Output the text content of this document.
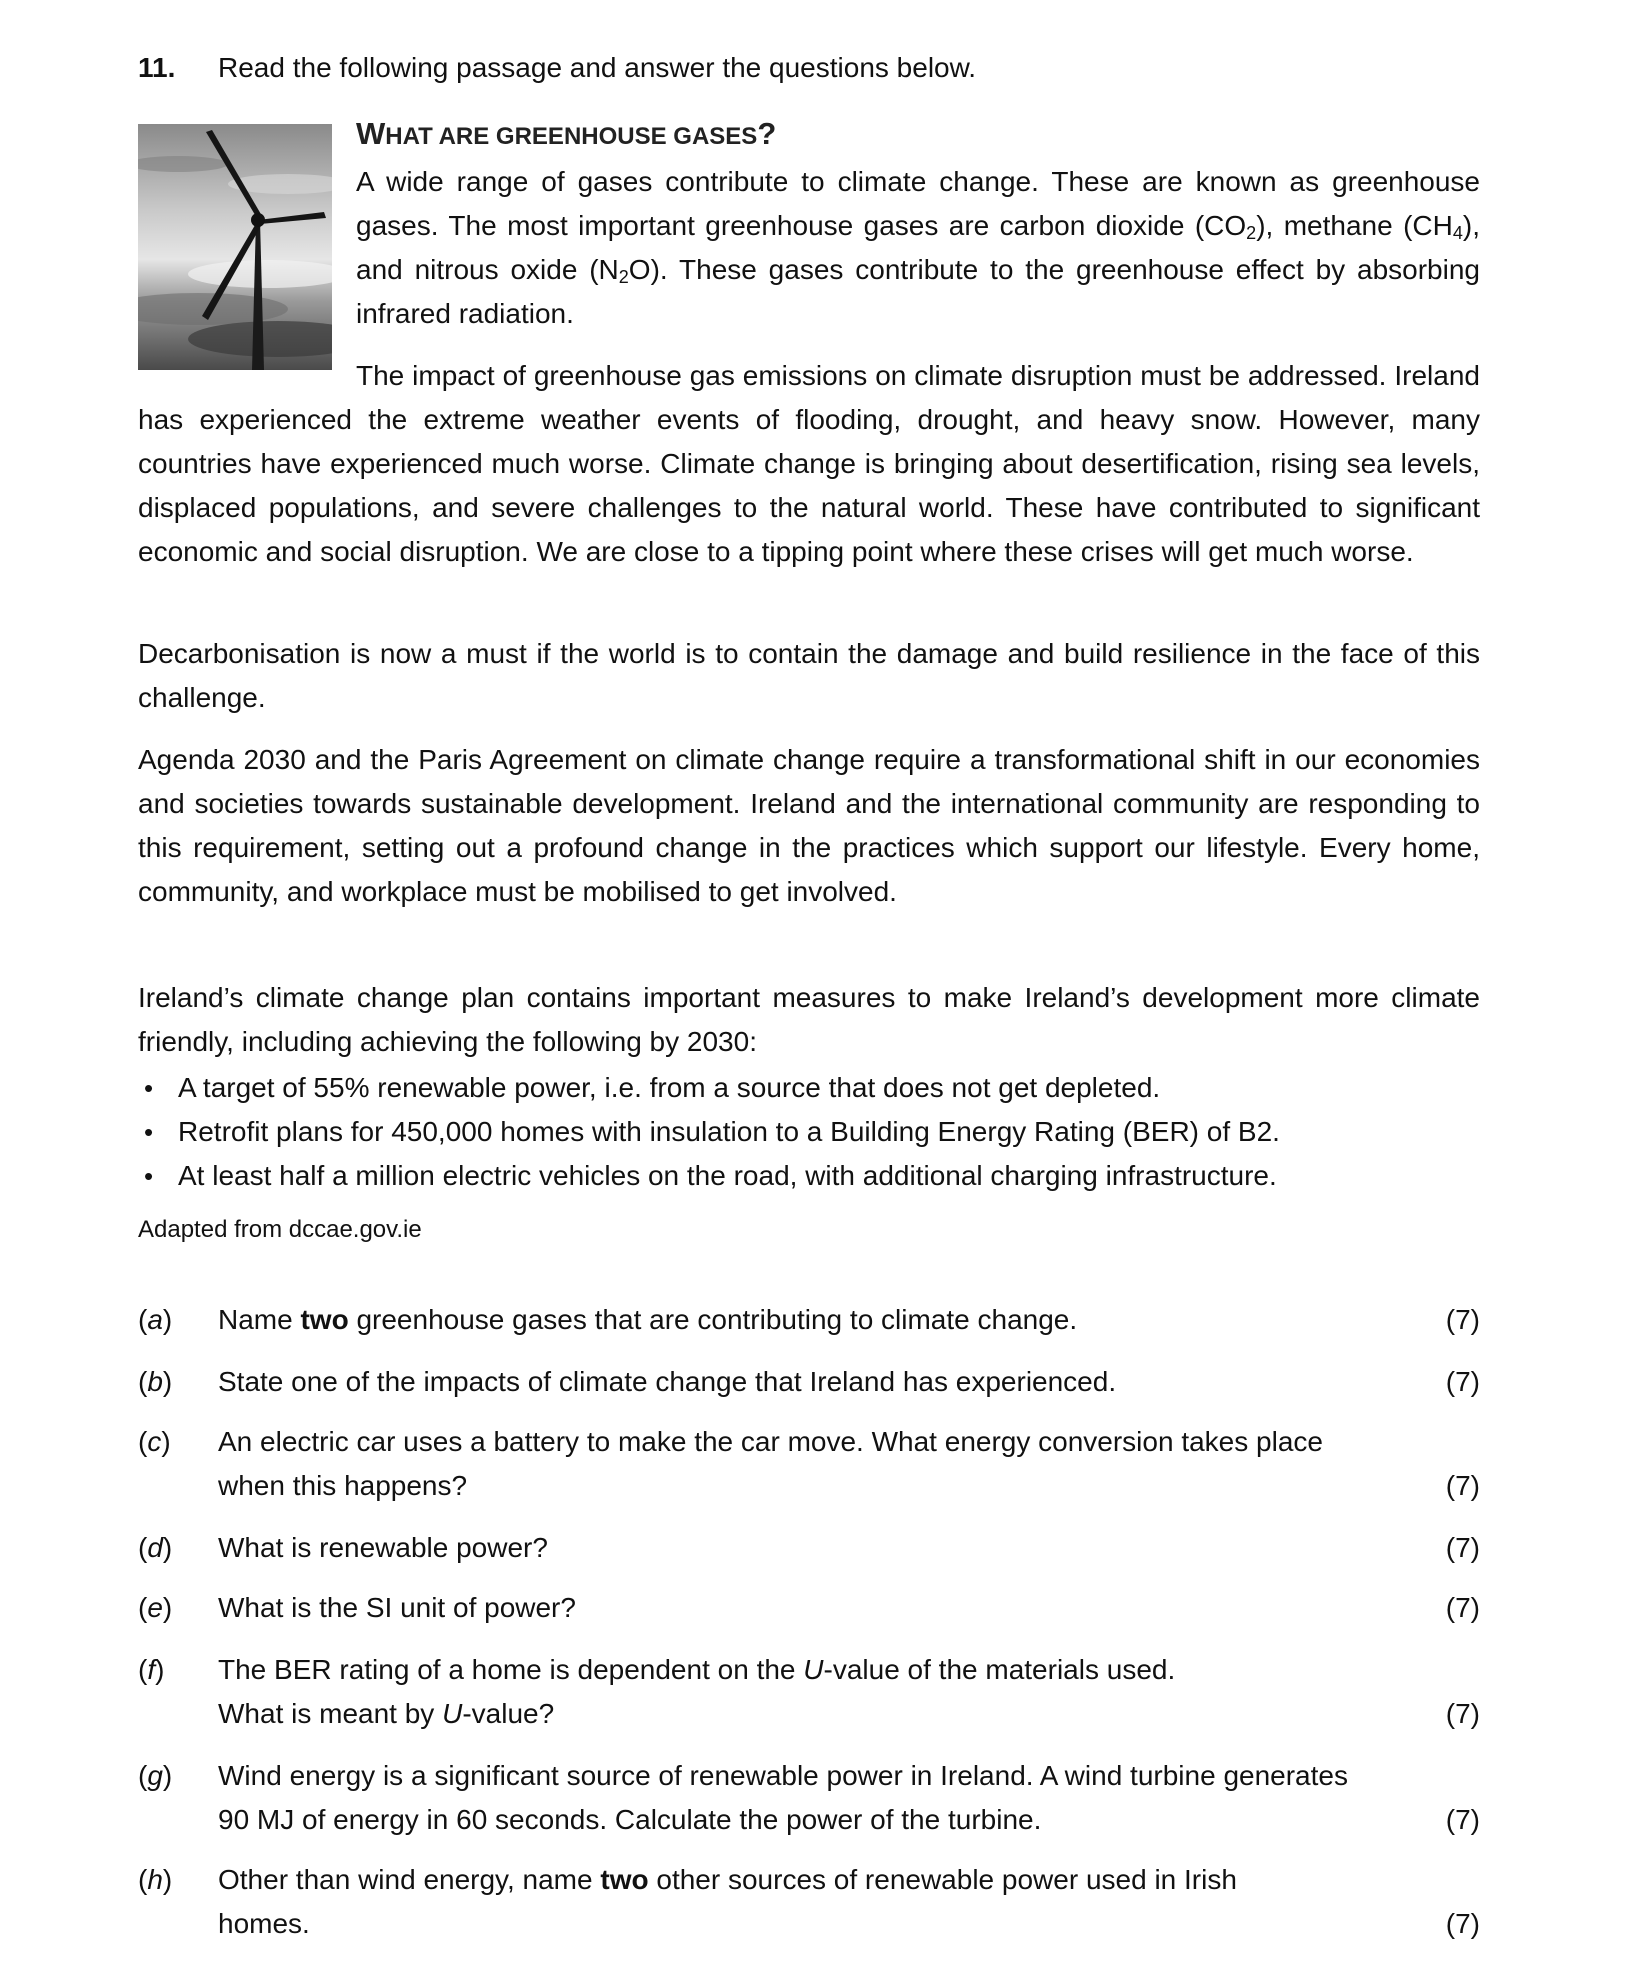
11. Read the following passage and answer the questions below.
WHAT ARE GREENHOUSE GASES?

A wide range of gases contribute to climate change. These are known as greenhouse gases. The most important greenhouse gases are carbon dioxide $(CO_2)$, methane $(CH_4)$, and nitrous oxide $(N_2O)$. These gases contribute to the greenhouse effect by absorbing infrared radiation.

The impact of greenhouse gas emissions on climate disruption must be addressed. Ireland has experienced the extreme weather events of flooding, drought, and heavy snow. However, many countries have experienced much worse. Climate change is bringing about desertification, rising sea levels, displaced populations, and severe challenges to the natural world. These have contributed to significant economic and social disruption. We are close to a tipping point where these crises will get much worse.

Decarbonisation is now a must if the world is to contain the damage and build resilience in the face of this challenge.

Agenda 2030 and the Paris Agreement on climate change require a transformational shift in our economies and societies towards sustainable development. Ireland and the international community are responding to this requirement, setting out a profound change in the practices which support our lifestyle. Every home, community, and workplace must be mobilised to get involved.

Ireland’s climate change plan contains important measures to make Ireland’s development more climate friendly, including achieving the following by 2030:

• A target of 55% renewable power, i.e. from a source that does not get depleted.
• Retrofit plans for 450,000 homes with insulation to a Building Energy Rating (BER) of B2.
• At least half a million electric vehicles on the road, with additional charging infrastructure.
Adapted from dccae.gov.ie
(a) Name two greenhouse gases that are contributing to climate change.	(7)
(b) State one of the impacts of climate change that Ireland has experienced.	(7)
(c) An electric car uses a battery to make the car move. What energy conversion takes place
when this happens?	(7)
(d) What is renewable power?	(7)
(e) What is the SI unit of power?	(7)
(f) The BER rating of a home is dependent on the U-value of the materials used.
What is meant by U-value?	(7)
(g) Wind energy is a significant source of renewable power in Ireland. A wind turbine generates
90 MJ of energy in 60 seconds. Calculate the power of the turbine.	(7)
(h) Other than wind energy, name two other sources of renewable power used in Irish
homes.	(7)
